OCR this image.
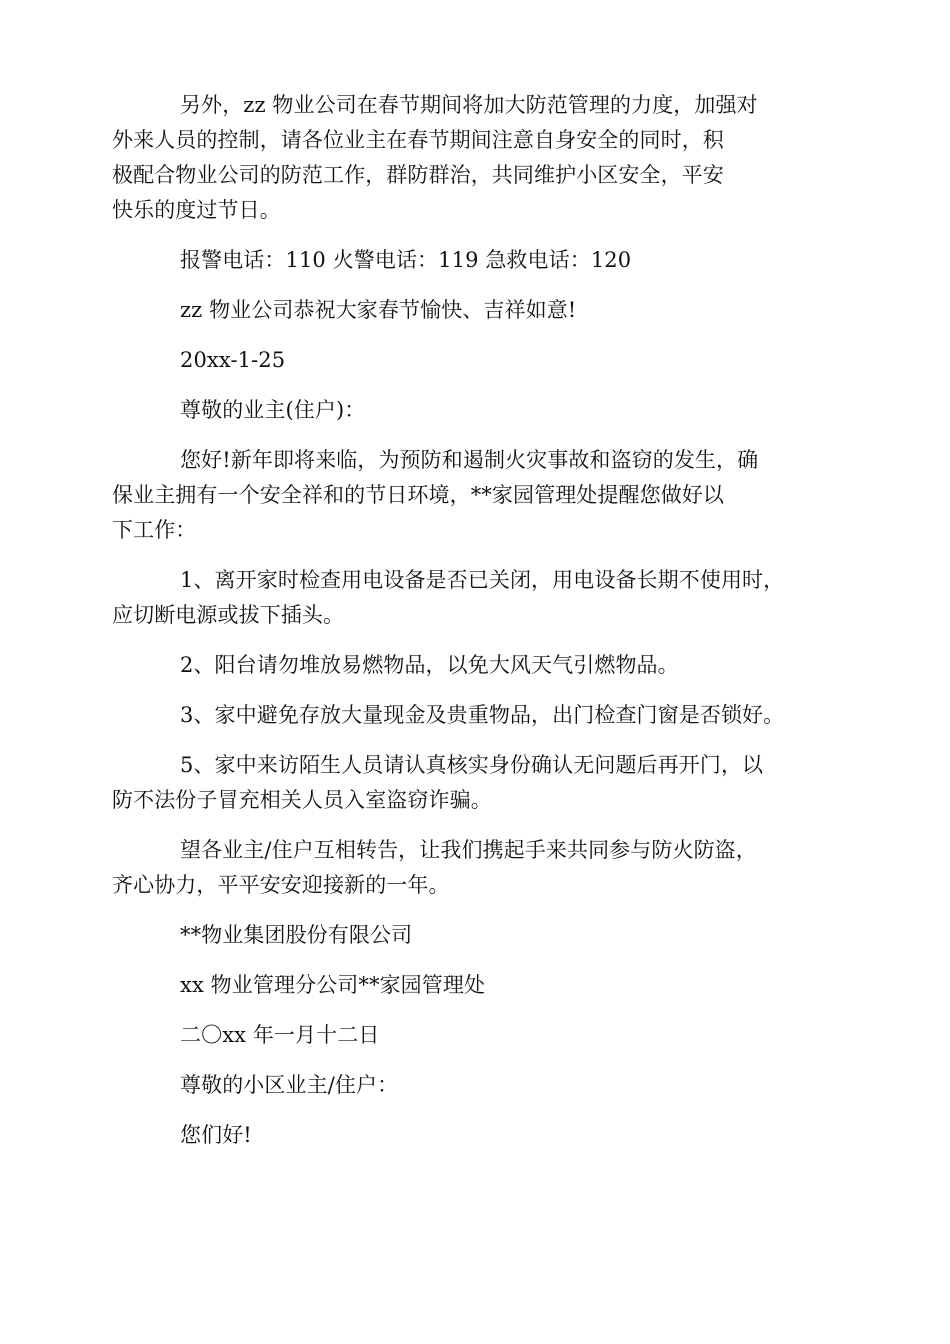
另外，zz 物业公司在春节期间将加大防范管理的力度，加强对
外来人员的控制，请各位业主在春节期间注意自身安全的同时，积
极配合物业公司的防范工作，群防群治，共同维护小区安全，平安
快乐的度过节日。

报警电话：110 火警电话：119 急救电话：120

zz 物业公司恭祝大家春节愉快、吉祥如意!

20xx-1-25

尊敬的业主(住户)：

您好!新年即将来临，为预防和遏制火灾事故和盗窃的发生，确
保业主拥有一个安全祥和的节日环境，**家园管理处提醒您做好以
下工作：

1、离开家时检查用电设备是否已关闭，用电设备长期不使用时，
应切断电源或拔下插头。

2、阳台请勿堆放易燃物品，以免大风天气引燃物品。

3、家中避免存放大量现金及贵重物品，出门检查门窗是否锁好。

5、家中来访陌生人员请认真核实身份确认无问题后再开门，以
防不法份子冒充相关人员入室盗窃诈骗。

望各业主/住户互相转告，让我们携起手来共同参与防火防盗，
齐心协力，平平安安迎接新的一年。

**物业集团股份有限公司

xx 物业管理分公司**家园管理处

二〇xx 年一月十二日

尊敬的小区业主/住户：

您们好!
